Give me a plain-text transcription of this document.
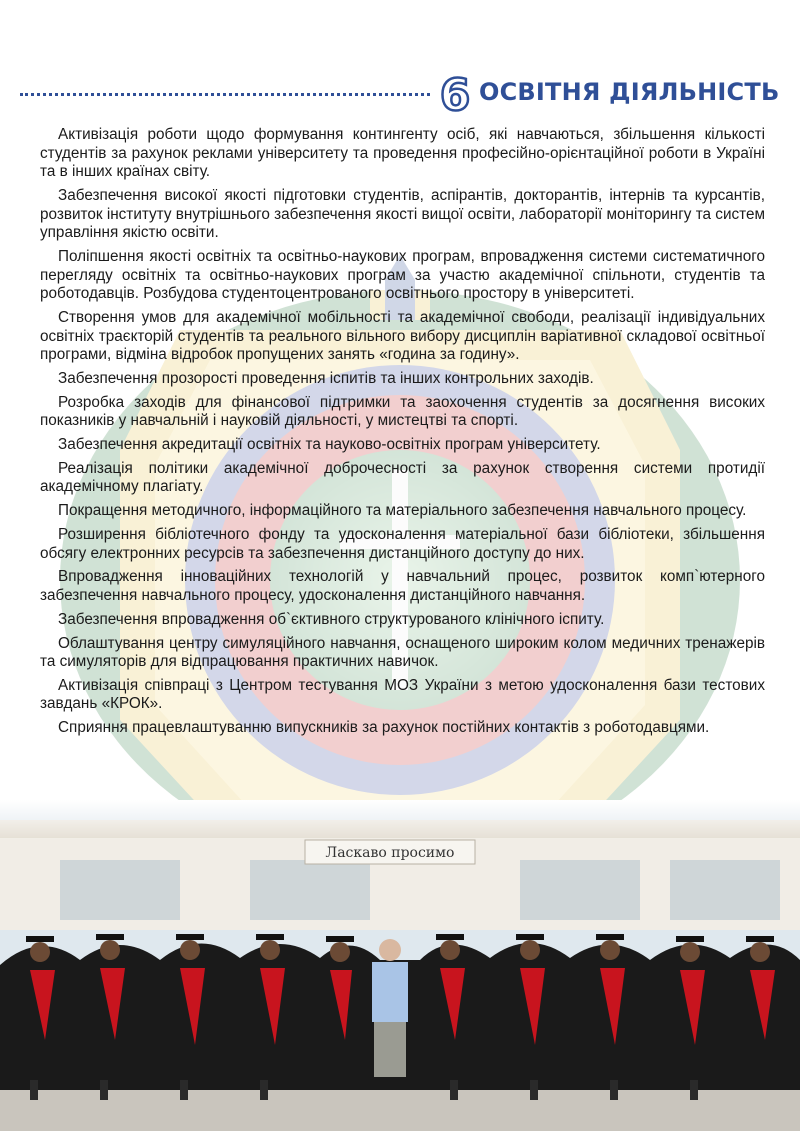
6 ОСВІТНЯ ДІЯЛЬНІСТЬ

Активізація роботи щодо формування контингенту осіб, які навчаються, збільшення кількості студентів за рахунок реклами університету та проведення професійно-орієнтаційної роботи в Україні та в інших країнах світу.

Забезпечення високої якості підготовки студентів, аспірантів, докторантів, інтернів та курсантів, розвиток інституту внутрішнього забезпечення якості вищої освіти, лабораторії моніторингу та систем управління якістю освіти.

Поліпшення якості освітніх та освітньо-наукових програм, впровадження системи систематичного перегляду освітніх та освітньо-наукових програм за участю академічної спільноти, студентів та роботодавців. Розбудова студентоцентрованого освітнього простору в університеті.

Створення умов для академічної мобільності та академічної свободи, реалізації індивідуальних освітніх траєкторій студентів та реального вільного вибору дисциплін варіативної складової освітньої програми, відміна відробок пропущених занять «година за годину».

Забезпечення прозорості проведення іспитів та інших контрольних заходів.

Розробка заходів для фінансової підтримки та заохочення студентів за досягнення високих показників у навчальній і науковій діяльності, у мистецтві та спорті.

Забезпечення акредитації освітніх та науково-освітніх програм університету.

Реалізація політики академічної доброчесності за рахунок створення системи протидії академічному плагіату.

Покращення методичного, інформаційного та матеріального забезпечення навчального процесу.

Розширення бібліотечного фонду та удосконалення матеріальної бази бібліотеки, збільшення обсягу електронних ресурсів та забезпечення дистанційного доступу до них.

Впровадження інноваційних технологій у навчальний процес, розвиток комп`ютерного забезпечення навчального процесу, удосконалення дистанційного навчання.

Забезпечення впровадження об`єктивного структурованого клінічного іспиту.

Облаштування центру симуляційного навчання, оснащеного широким колом медичних тренажерів та симуляторів для відпрацювання практичних навичок.

Активізація співпраці з Центром тестування МОЗ України з метою удосконалення бази тестових завдань «КРОК».

Сприяння працевлаштуванню випускників за рахунок постійних контактів з роботодавцями.

Ласкаво просимо
